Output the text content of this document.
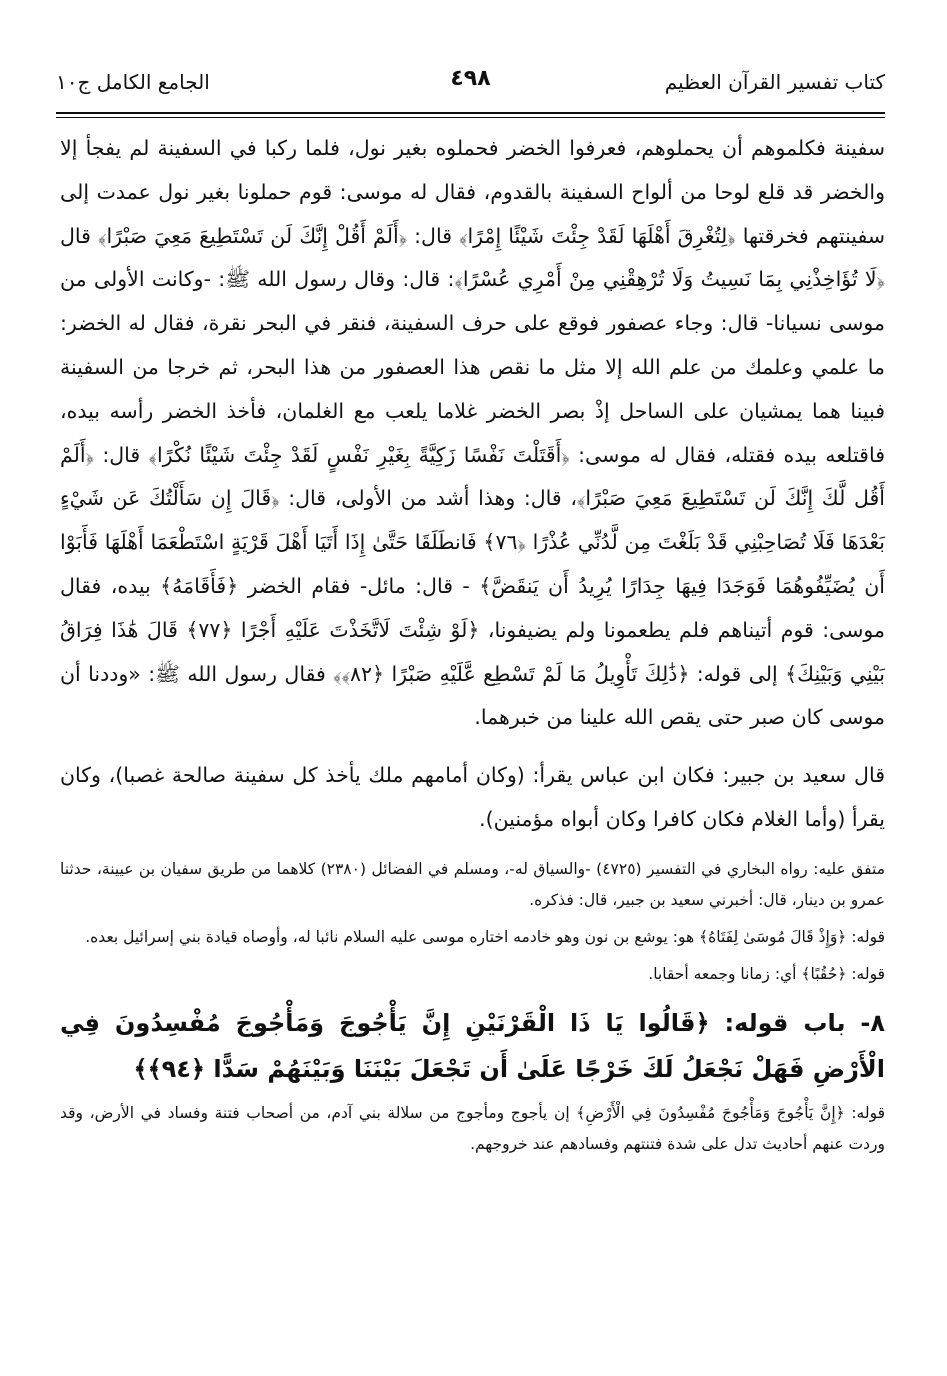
كتاب تفسير القرآن العظيم
٤٩٨
الجامع الكامل ج١٠

سفينة فكلموهم أن يحملوهم، فعرفوا الخضر فحملوه بغير نول، فلما ركبا في السفينة لم يفجأ إلا والخضر قد قلع لوحا من ألواح السفينة بالقدوم، فقال له موسى: قوم حملونا بغير نول عمدت إلى سفينتهم فخرقتها ﴿لِتُغْرِقَ أَهْلَهَا لَقَدْ جِئْتَ شَيْئًا إِمْرًا﴾ قال: ﴿أَلَمْ أَقُلْ إِنَّكَ لَن تَسْتَطِيعَ مَعِيَ صَبْرًا﴾ قال ﴿لَا تُؤَاخِذْنِي بِمَا نَسِيتُ وَلَا تُرْهِقْنِي مِنْ أَمْرِي عُسْرًا﴾: قال: وقال رسول الله ﷺ: -وكانت الأولى من موسى نسيانا- قال: وجاء عصفور فوقع على حرف السفينة، فنقر في البحر نقرة، فقال له الخضر: ما علمي وعلمك من علم الله إلا مثل ما نقص هذا العصفور من هذا البحر، ثم خرجا من السفينة فبينا هما يمشيان على الساحل إذْ بصر الخضر غلاما يلعب مع الغلمان، فأخذ الخضر رأسه بيده، فاقتلعه بيده فقتله، فقال له موسى: ﴿أَقَتَلْتَ نَفْسًا زَكِيَّةً بِغَيْرِ نَفْسٍ لَقَدْ جِئْتَ شَيْئًا نُكْرًا﴾ قال: ﴿أَلَمْ أَقُل لَّكَ إِنَّكَ لَن تَسْتَطِيعَ مَعِيَ صَبْرًا﴾، قال: وهذا أشد من الأولى، قال: ﴿قَالَ إِن سَأَلْتُكَ عَن شَيْءٍ بَعْدَهَا فَلَا تُصَاحِبْنِي قَدْ بَلَغْتَ مِن لَّدُنِّي عُذْرًا ﴿٧٦﴾ فَانطَلَقَا حَتَّىٰ إِذَا أَتَيَا أَهْلَ قَرْيَةٍ اسْتَطْعَمَا أَهْلَهَا فَأَبَوْا أَن يُضَيِّفُوهُمَا فَوَجَدَا فِيهَا جِدَارًا يُرِيدُ أَن يَنقَضَّ﴾ - قال: مائل- فقام الخضر ﴿فَأَقَامَهُ﴾ بيده، فقال موسى: قوم أتيناهم فلم يطعمونا ولم يضيفونا، ﴿لَوْ شِئْتَ لَاتَّخَذْتَ عَلَيْهِ أَجْرًا ﴿٧٧﴾ قَالَ هَٰذَا فِرَاقُ بَيْنِي وَبَيْنِكَ﴾ إلى قوله: ﴿ذَٰلِكَ تَأْوِيلُ مَا لَمْ تَسْطِع عَّلَيْهِ صَبْرًا ﴿٨٢﴾﴾ فقال رسول الله ﷺ: «وددنا أن موسى كان صبر حتى يقص الله علينا من خبرهما.

قال سعيد بن جبير: فكان ابن عباس يقرأ: (وكان أمامهم ملك يأخذ كل سفينة صالحة غصبا)، وكان يقرأ (وأما الغلام فكان كافرا وكان أبواه مؤمنين).

متفق عليه: رواه البخاري في التفسير (٤٧٢٥) -والسياق له-، ومسلم في الفضائل (٢٣٨٠) كلاهما من طريق سفيان بن عيينة، حدثنا عمرو بن دينار، قال: أخبرني سعيد بن جبير، قال: فذكره.

قوله: ﴿وَإِذْ قَالَ مُوسَىٰ لِفَتَاهُ﴾ هو: يوشع بن نون وهو خادمه اختاره موسى عليه السلام نائبا له، وأوصاه قيادة بني إسرائيل بعده.

قوله: ﴿حُقُبًا﴾ أي: زمانا وجمعه أحقابا.

٨- باب قوله: ﴿قَالُوا يَا ذَا الْقَرْنَيْنِ إِنَّ يَأْجُوجَ وَمَأْجُوجَ مُفْسِدُونَ فِي الْأَرْضِ فَهَلْ نَجْعَلُ لَكَ خَرْجًا عَلَىٰ أَن تَجْعَلَ بَيْنَنَا وَبَيْنَهُمْ سَدًّا ﴿٩٤﴾﴾

قوله: ﴿إِنَّ يَأْجُوجَ وَمَأْجُوجَ مُفْسِدُونَ فِي الْأَرْضِ﴾ إن يأجوج ومأجوج من سلالة بني آدم، من أصحاب فتنة وفساد في الأرض، وقد وردت عنهم أحاديث تدل على شدة فتنتهم وفسادهم عند خروجهم.
